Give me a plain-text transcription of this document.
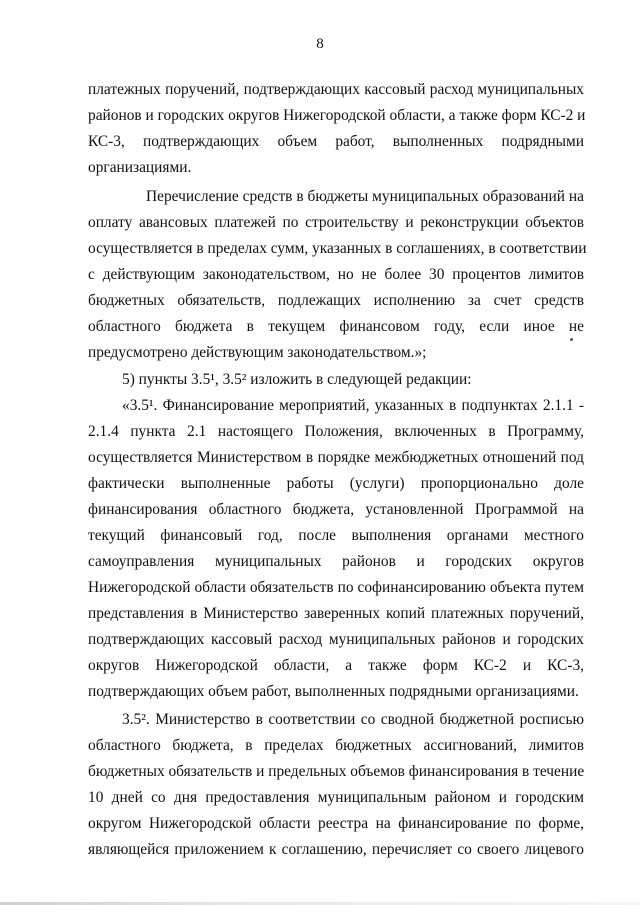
8
платежных поручений, подтверждающих кассовый расход муниципальных
районов и городских округов Нижегородской области, а также форм КС-2 и
КС-3, подтверждающих объем работ, выполненных подрядными
организациями.
Перечисление средств в бюджеты муниципальных образований на
оплату авансовых платежей по строительству и реконструкции объектов
осуществляется в пределах сумм, указанных в соглашениях, в соответствии
с действующим законодательством, но не более 30 процентов лимитов
бюджетных обязательств, подлежащих исполнению за счет средств
областного бюджета в текущем финансовом году, если иное не
предусмотрено действующим законодательством.»;
5) пункты 3.5¹, 3.5² изложить в следующей редакции:
«3.5¹. Финансирование мероприятий, указанных в подпунктах 2.1.1 -
2.1.4 пункта 2.1 настоящего Положения, включенных в Программу,
осуществляется Министерством в порядке межбюджетных отношений под
фактически выполненные работы (услуги) пропорционально доле
финансирования областного бюджета, установленной Программой на
текущий финансовый год, после выполнения органами местного
самоуправления муниципальных районов и городских округов
Нижегородской области обязательств по софинансированию объекта путем
представления в Министерство заверенных копий платежных поручений,
подтверждающих кассовый расход муниципальных районов и городских
округов Нижегородской области, а также форм КС-2 и КС-3,
подтверждающих объем работ, выполненных подрядными организациями.
3.5². Министерство в соответствии со сводной бюджетной росписью
областного бюджета, в пределах бюджетных ассигнований, лимитов
бюджетных обязательств и предельных объемов финансирования в течение
10 дней со дня предоставления муниципальным районом и городским
округом Нижегородской области реестра на финансирование по форме,
являющейся приложением к соглашению, перечисляет со своего лицевого
